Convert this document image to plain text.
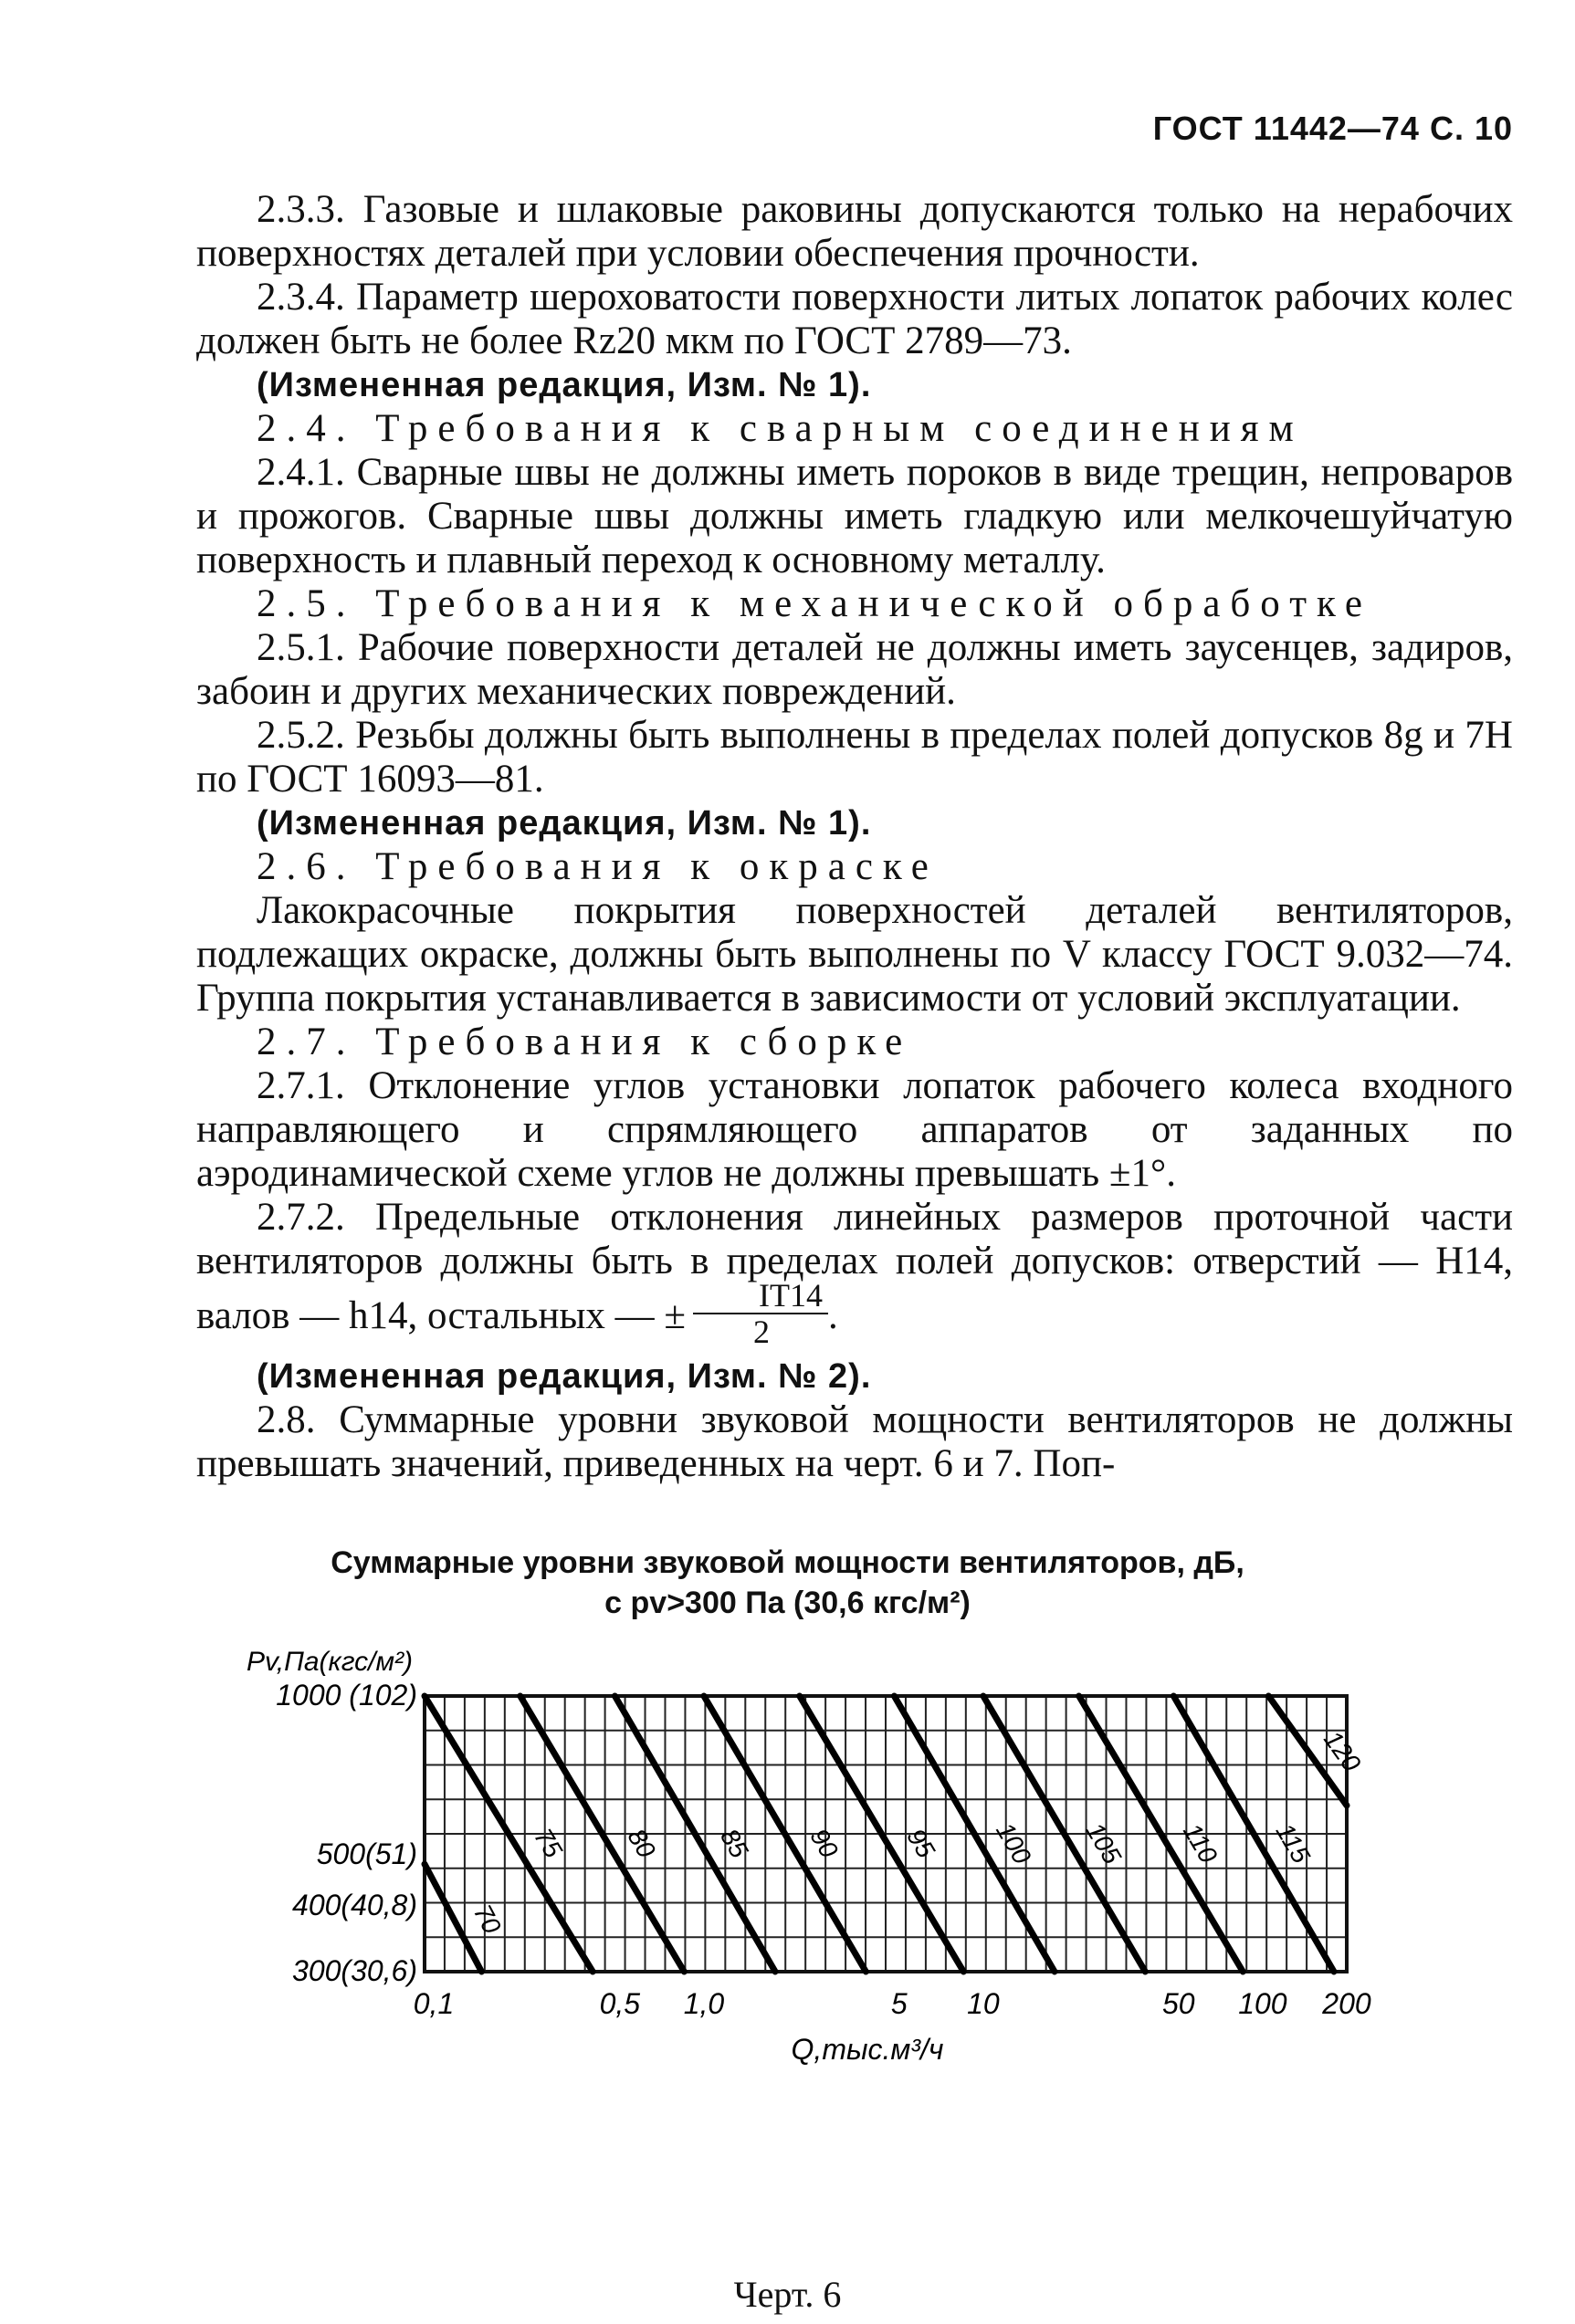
ГОСТ 11442—74 С. 10

2.3.3. Газовые и шлаковые раковины допускаются только на нерабочих поверхностях деталей при условии обеспечения прочности.

2.3.4. Параметр шероховатости поверхности литых лопаток рабочих колес должен быть не более Rz20 мкм по ГОСТ 2789—73.

(Измененная редакция, Изм. № 1).

2.4. Требования к сварным соединениям

2.4.1. Сварные швы не должны иметь пороков в виде трещин, непроваров и прожогов. Сварные швы должны иметь гладкую или мелкочешуйчатую поверхность и плавный переход к основному металлу.

2.5. Требования к механической обработке

2.5.1. Рабочие поверхности деталей не должны иметь заусенцев, задиров, забоин и других механических повреждений.

2.5.2. Резьбы должны быть выполнены в пределах полей допусков 8g и 7H по ГОСТ 16093—81.

(Измененная редакция, Изм. № 1).

2.6. Требования к окраске

Лакокрасочные покрытия поверхностей деталей вентиляторов, подлежащих окраске, должны быть выполнены по V классу ГОСТ 9.032—74. Группа покрытия устанавливается в зависимости от условий эксплуатации.

2.7. Требования к сборке

2.7.1. Отклонение углов установки лопаток рабочего колеса входного направляющего и спрямляющего аппаратов от заданных по аэродинамической схеме углов не должны превышать ±1°.

2.7.2. Предельные отклонения линейных размеров проточной части вентиляторов должны быть в пределах полей допусков: отверстий — H14, валов — h14, остальных — ± $\frac{IT14}{2}$ .

(Измененная редакция, Изм. № 2).

2.8. Суммарные уровни звуковой мощности вентиляторов не должны превышать значений, приведенных на черт. 6 и 7. Поп-

Суммарные уровни звуковой мощности вентиляторов, дБ,
с pv>300 Па (30,6 кгс/м²)
70
75 80 85 90 95 100 105 110 115
120
1000 (102)
500(51)
400(40,8)
300(30,6)
Pv,Па(кгс/м²)
0,1	0,5 1,0	5 10	50 100 200
Q,тыс.м³/ч
Черт. 6
